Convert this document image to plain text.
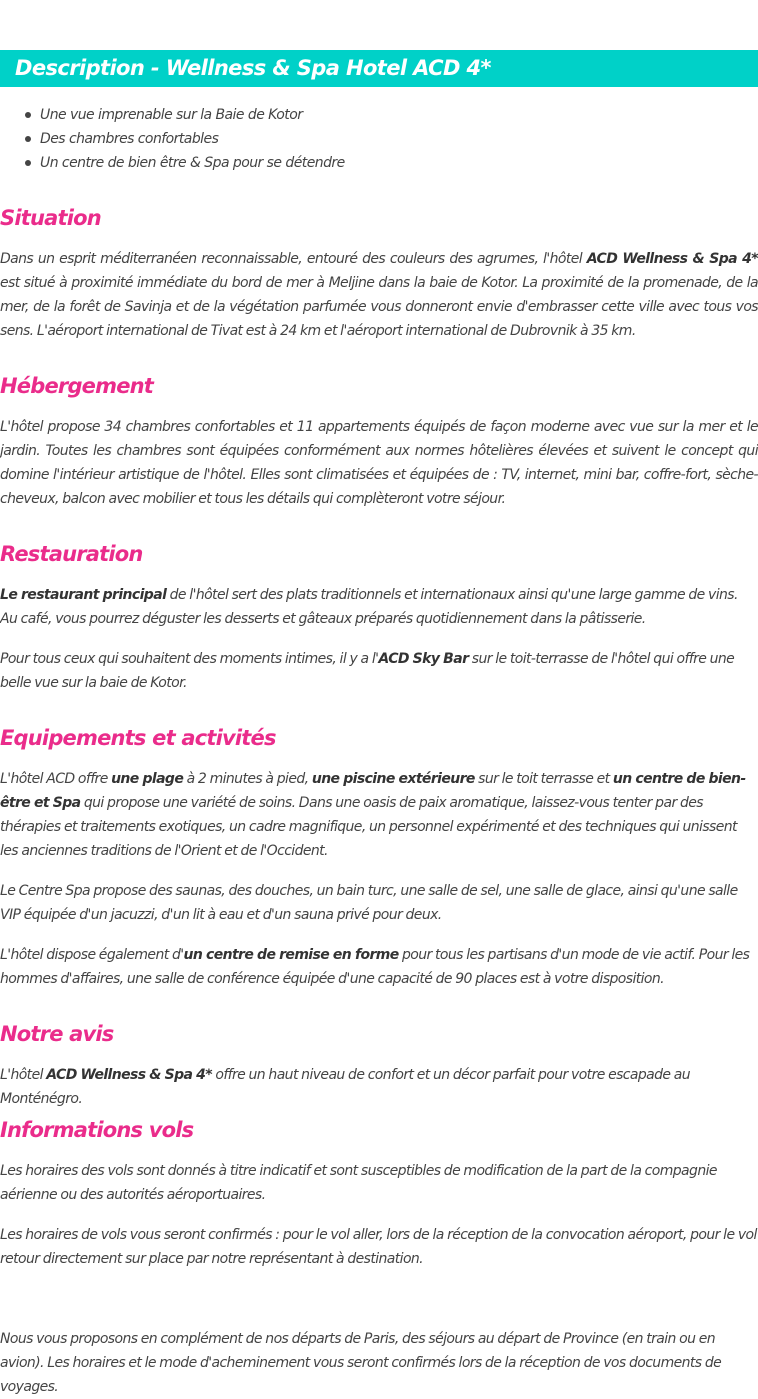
Description - Wellness & Spa Hotel ACD 4*
Une vue imprenable sur la Baie de Kotor
Des chambres confortables
Un centre de bien être & Spa pour se détendre
Situation

Dans un esprit méditerranéen reconnaissable, entouré des couleurs des agrumes, l'hôtel ACD Wellness & Spa 4* est situé à proximité immédiate du bord de mer à Meljine dans la baie de Kotor. La proximité de la promenade, de la mer, de la forêt de Savinja et de la végétation parfumée vous donneront envie d'embrasser cette ville avec tous vos sens. L'aéroport international de Tivat est à 24 km et l'aéroport international de Dubrovnik à 35 km.

Hébergement

L'hôtel propose 34 chambres confortables et 11 appartements équipés de façon moderne avec vue sur la mer et le jardin. Toutes les chambres sont équipées conformément aux normes hôtelières élevées et suivent le concept qui domine l'intérieur artistique de l'hôtel. Elles sont climatisées et équipées de : TV, internet, mini bar, coffre-fort, sèche-cheveux, balcon avec mobilier et tous les détails qui complèteront votre séjour.

Restauration

Le restaurant principal de l'hôtel sert des plats traditionnels et internationaux ainsi qu'une large gamme de vins. Au café, vous pourrez déguster les desserts et gâteaux préparés quotidiennement dans la pâtisserie.

Pour tous ceux qui souhaitent des moments intimes, il y a l'ACD Sky Bar sur le toit-terrasse de l'hôtel qui offre une belle vue sur la baie de Kotor.

Equipements et activités

L'hôtel ACD offre une plage à 2 minutes à pied, une piscine extérieure sur le toit terrasse et un centre de bien-être et Spa qui propose une variété de soins. Dans une oasis de paix aromatique, laissez-vous tenter par des thérapies et traitements exotiques, un cadre magnifique, un personnel expérimenté et des techniques qui unissent les anciennes traditions de l'Orient et de l'Occident.

Le Centre Spa propose des saunas, des douches, un bain turc, une salle de sel, une salle de glace, ainsi qu'une salle VIP équipée d'un jacuzzi, d'un lit à eau et d'un sauna privé pour deux.

L'hôtel dispose également d'un centre de remise en forme pour tous les partisans d'un mode de vie actif. Pour les hommes d'affaires, une salle de conférence équipée d'une capacité de 90 places est à votre disposition.

Notre avis

L'hôtel ACD Wellness & Spa 4* offre un haut niveau de confort et un décor parfait pour votre escapade au Monténégro.

Informations vols

Les horaires des vols sont donnés à titre indicatif et sont susceptibles de modification de la part de la compagnie aérienne ou des autorités aéroportuaires.

Les horaires de vols vous seront confirmés : pour le vol aller, lors de la réception de la convocation aéroport, pour le vol retour directement sur place par notre représentant à destination.

Nous vous proposons en complément de nos départs de Paris, des séjours au départ de Province (en train ou en avion). Les horaires et le mode d'acheminement vous seront confirmés lors de la réception de vos documents de voyages.
